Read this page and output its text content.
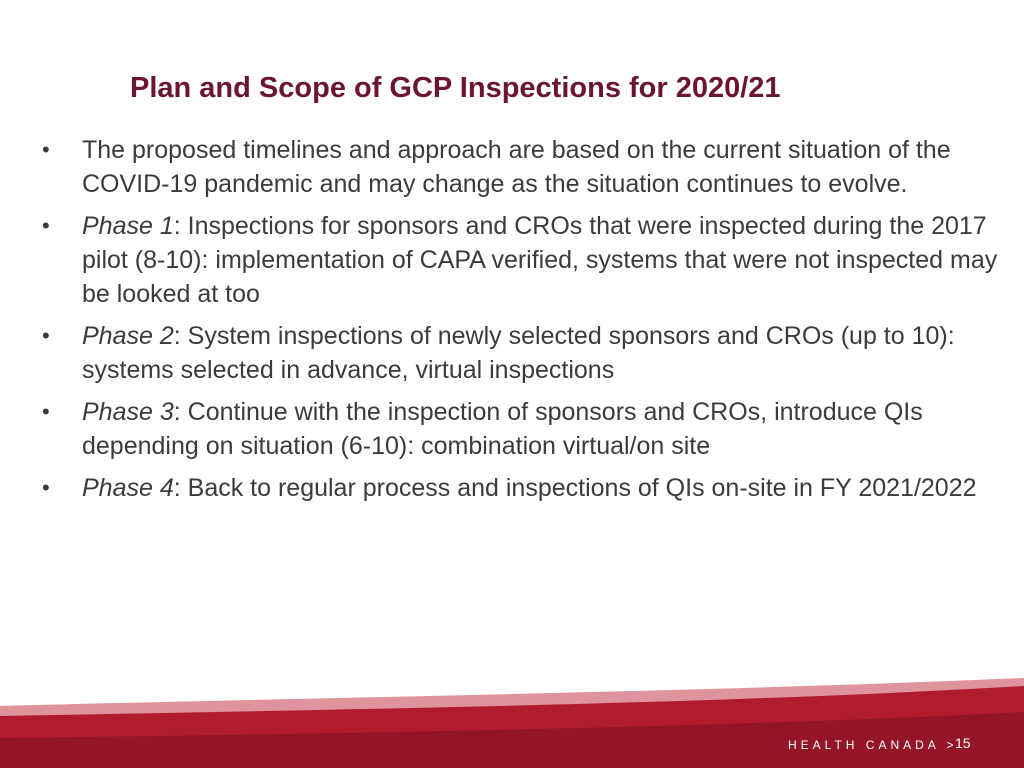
Plan and Scope of GCP Inspections for 2020/21
• The proposed timelines and approach are based on the current situation of the COVID-19 pandemic and may change as the situation continues to evolve.
• Phase 1: Inspections for sponsors and CROs that were inspected during the 2017 pilot (8-10): implementation of CAPA verified, systems that were not inspected may be looked at too
• Phase 2: System inspections of newly selected sponsors and CROs (up to 10): systems selected in advance, virtual inspections
• Phase 3: Continue with the inspection of sponsors and CROs, introduce QIs depending on situation (6-10): combination virtual/on site
• Phase 4: Back to regular process and inspections of QIs on-site in FY 2021/2022
HEALTH CANADA >
15
